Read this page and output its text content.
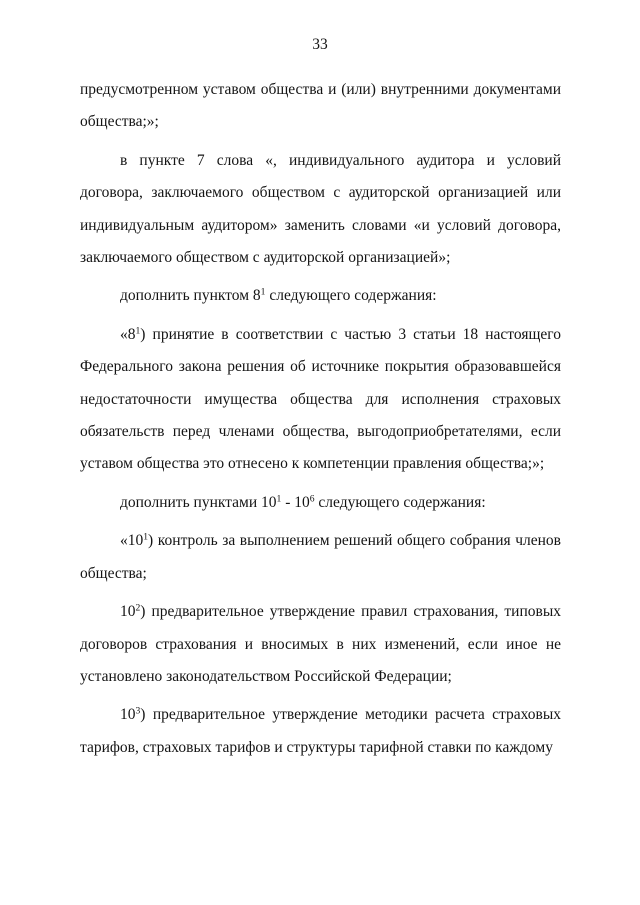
33

предусмотренном уставом общества и (или) внутренними документами общества;»;

в пункте 7 слова «, индивидуального аудитора и условий договора, заключаемого обществом с аудиторской организацией или индивидуальным аудитором» заменить словами «и условий договора, заключаемого обществом с аудиторской организацией»;

дополнить пунктом $8^1$ следующего содержания:

«$8^1$) принятие в соответствии с частью 3 статьи 18 настоящего Федерального закона решения об источнике покрытия образовавшейся недостаточности имущества общества для исполнения страховых обязательств перед членами общества, выгодоприобретателями, если уставом общества это отнесено к компетенции правления общества;»;

дополнить пунктами $10^1 - 10^6$ следующего содержания:

«$10^1$) контроль за выполнением решений общего собрания членов общества;

$10^2$) предварительное утверждение правил страхования, типовых договоров страхования и вносимых в них изменений, если иное не установлено законодательством Российской Федерации;

$10^3$) предварительное утверждение методики расчета страховых тарифов, страховых тарифов и структуры тарифной ставки по каждому
